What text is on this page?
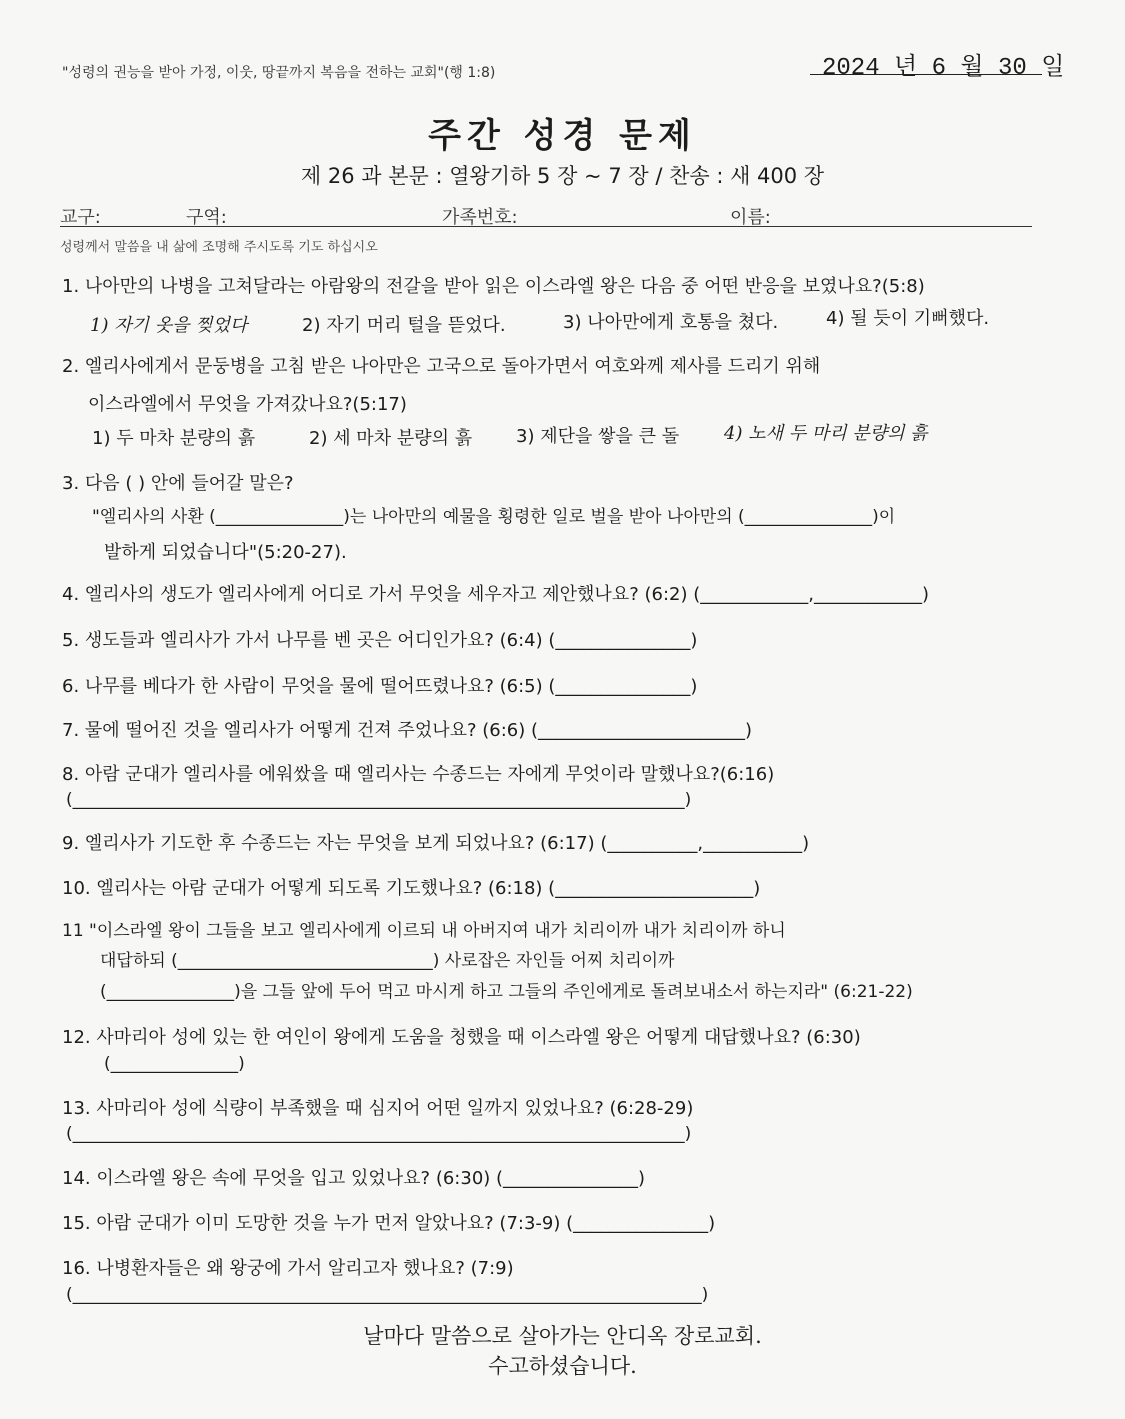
"성령의 권능을 받아 가정, 이웃, 땅끝까지 복음을 전하는 교회"(행 1:8)	2024 년 6 월 30 일
주간 성경 문제
제 26 과 본문 : 열왕기하 5 장 ~ 7 장 / 찬송 : 새 400 장
교구:	구역:	가족번호:	이름:
성령께서 말씀을 내 삶에 조명해 주시도록 기도 하십시오
1. 나아만의 나병을 고쳐달라는 아람왕의 전갈을 받아 읽은 이스라엘 왕은 다음 중 어떤 반응을 보였나요?(5:8)
1) 자기 옷을 찢었다	2) 자기 머리 털을 뜯었다.	3) 나아만에게 호통을 쳤다.	4) 될 듯이 기뻐했다.
2. 엘리사에게서 문둥병을 고침 받은 나아만은 고국으로 돌아가면서 여호와께 제사를 드리기 위해
이스라엘에서 무엇을 가져갔나요?(5:17)
1) 두 마차 분량의 흙	2) 세 마차 분량의 흙 3) 제단을 쌓을 큰 돌 4) 노새 두 마리 분량의 흙
3. 다음 ( ) 안에 들어갈 말은?
"엘리사의 사환 (_______________)는 나아만의 예물을 횡령한 일로 벌을 받아 나아만의 (_______________)이
발하게 되었습니다"(5:20-27).
4. 엘리사의 생도가 엘리사에게 어디로 가서 무엇을 세우자고 제안했나요? (6:2) (____________,____________)
5. 생도들과 엘리사가 가서 나무를 벤 곳은 어디인가요? (6:4) (_______________)
6. 나무를 베다가 한 사람이 무엇을 물에 떨어뜨렸나요? (6:5) (_______________)
7. 물에 떨어진 것을 엘리사가 어떻게 건져 주었나요? (6:6) (_______________________)
8. 아람 군대가 엘리사를 에워쌌을 때 엘리사는 수종드는 자에게 무엇이라 말했나요?(6:16)
(________________________________________________________________________)
9. 엘리사가 기도한 후 수종드는 자는 무엇을 보게 되었나요? (6:17) (__________,___________)
10. 엘리사는 아람 군대가 어떻게 되도록 기도했나요? (6:18) (______________________)
11 "이스라엘 왕이 그들을 보고 엘리사에게 이르되 내 아버지여 내가 치리이까 내가 치리이까 하니
대답하되 (______________________________) 사로잡은 자인들 어찌 치리이까
(_______________)을 그들 앞에 두어 먹고 마시게 하고 그들의 주인에게로 돌려보내소서 하는지라" (6:21-22)
12. 사마리아 성에 있는 한 여인이 왕에게 도움을 청했을 때 이스라엘 왕은 어떻게 대답했나요? (6:30)
(_______________)
13. 사마리아 성에 식량이 부족했을 때 심지어 어떤 일까지 있었나요? (6:28-29)
(________________________________________________________________________)
14. 이스라엘 왕은 속에 무엇을 입고 있었나요? (6:30) (_______________)
15. 아람 군대가 이미 도망한 것을 누가 먼저 알았나요? (7:3-9) (_______________)
16. 나병환자들은 왜 왕궁에 가서 알리고자 했나요? (7:9)
(__________________________________________________________________________)
날마다 말씀으로 살아가는 안디옥 장로교회.
수고하셨습니다.
